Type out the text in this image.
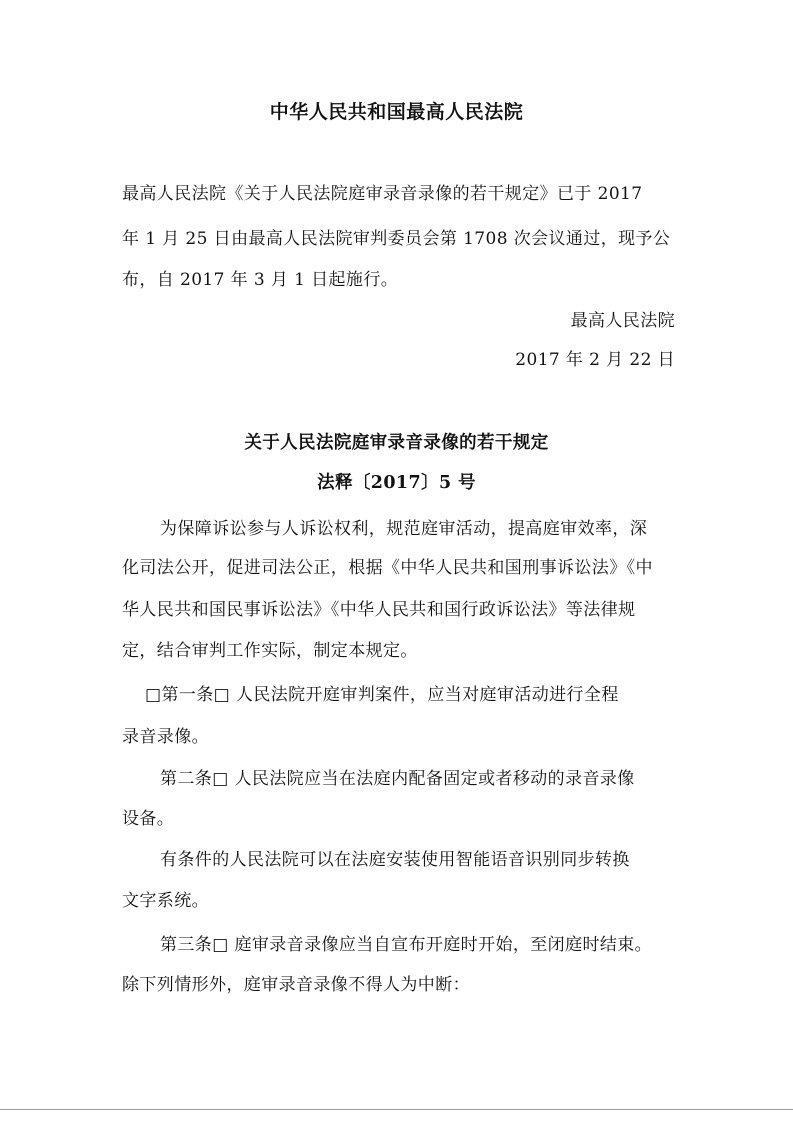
中华人民共和国最高人民法院
最高人民法院《关于人民法院庭审录音录像的若干规定》已于 2017
年 1 月 25 日由最高人民法院审判委员会第 1708 次会议通过，现予公
布，自 2017 年 3 月 1 日起施行。
最高人民法院
2017 年 2 月 22 日
关于人民法院庭审录音录像的若干规定
法释〔2017〕5 号
为保障诉讼参与人诉讼权利，规范庭审活动，提高庭审效率，深
化司法公开，促进司法公正，根据《中华人民共和国刑事诉讼法》《中
华人民共和国民事诉讼法》《中华人民共和国行政诉讼法》等法律规
定，结合审判工作实际，制定本规定。
□第一条□ 人民法院开庭审判案件，应当对庭审活动进行全程
录音录像。
第二条□ 人民法院应当在法庭内配备固定或者移动的录音录像
设备。
有条件的人民法院可以在法庭安装使用智能语音识别同步转换
文字系统。
第三条□ 庭审录音录像应当自宣布开庭时开始，至闭庭时结束。
除下列情形外，庭审录音录像不得人为中断：
